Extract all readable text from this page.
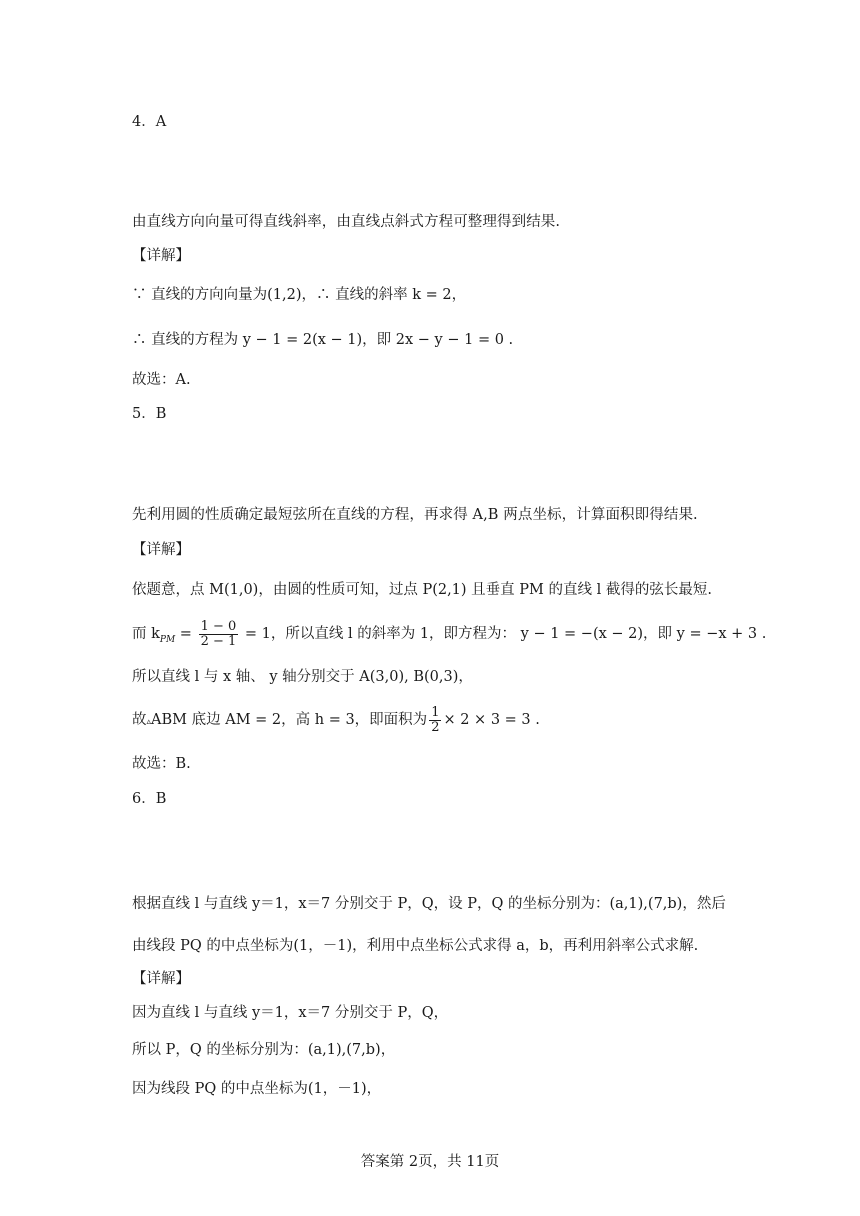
4．A
由直线方向向量可得直线斜率，由直线点斜式方程可整理得到结果.
【详解】
∵ 直线的方向向量为(1,2)，∴ 直线的斜率 k = 2，
∴ 直线的方程为 y − 1 = 2(x − 1)，即 2x − y − 1 = 0 .
故选：A.
5．B
先利用圆的性质确定最短弦所在直线的方程，再求得 A,B 两点坐标，计算面积即得结果.
【详解】
依题意，点 M(1,0)，由圆的性质可知，过点 P(2,1) 且垂直 PM 的直线 l 截得的弦长最短.
而 $k_{PM} = \frac{1 - 0}{2 - 1} = 1$，所以直线 l 的斜率为 1，即方程为： y − 1 = −(x − 2)，即 y = −x + 3 .
所以直线 l 与 x 轴、 y 轴分别交于 A(3,0), B(0,3)，
故▵ABM 底边 AM = 2，高 h = 3，即面积为 $\frac{1}{2} \times 2 \times 3 = 3$ .
故选：B.
6．B
根据直线 l 与直线 y＝1，x＝7 分别交于 P，Q，设 P，Q 的坐标分别为：(a,1),(7,b)，然后
由线段 PQ 的中点坐标为(1，－1)，利用中点坐标公式求得 a，b，再利用斜率公式求解.
【详解】
因为直线 l 与直线 y＝1，x＝7 分别交于 P，Q，
所以 P，Q 的坐标分别为：(a,1),(7,b)，
因为线段 PQ 的中点坐标为(1，－1)，
答案第 2页，共 11页
